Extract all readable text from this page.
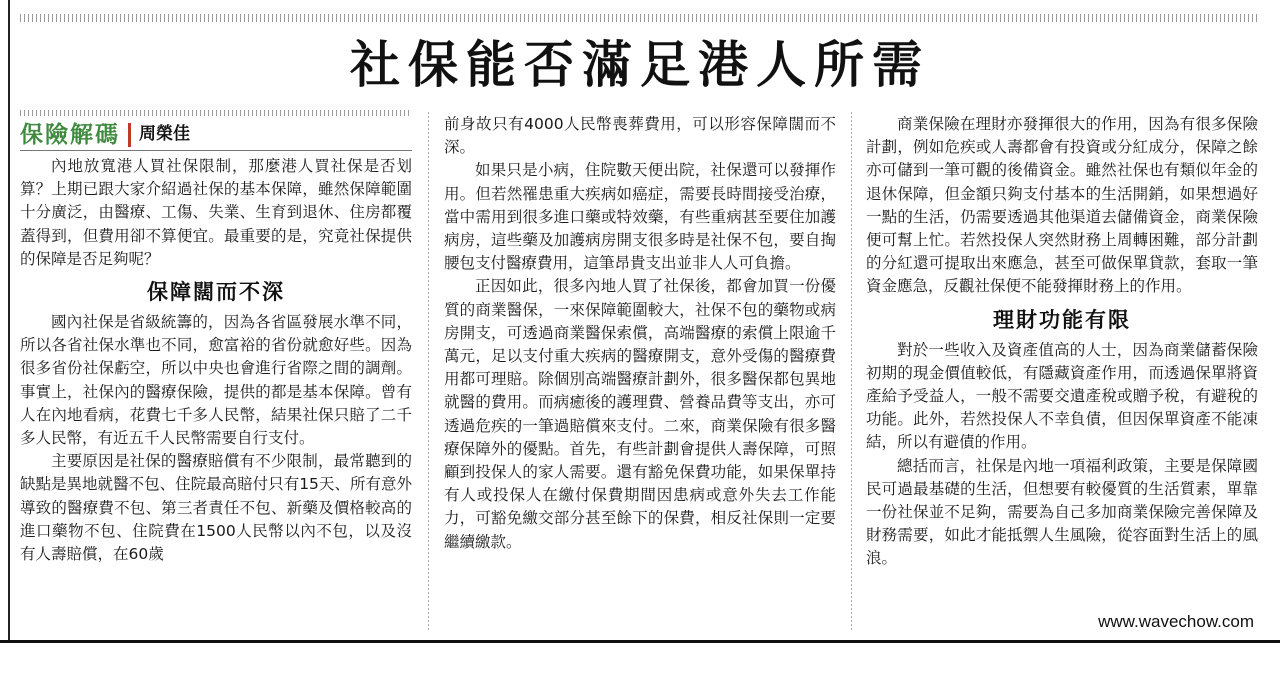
社保能否滿足港人所需
保險解碼 周榮佳

內地放寬港人買社保限制，那麼港人買社保是否划算？上期已跟大家介紹過社保的基本保障，雖然保障範圍十分廣泛，由醫療、工傷、失業、生育到退休、住房都覆蓋得到，但費用卻不算便宜。最重要的是，究竟社保提供的保障是否足夠呢？

保障闊而不深

國內社保是省級統籌的，因為各省區發展水準不同，所以各省社保水準也不同，愈富裕的省份就愈好些。因為很多省份社保虧空，所以中央也會進行省際之間的調劑。事實上，社保內的醫療保險，提供的都是基本保障。曾有人在內地看病，花費七千多人民幣，結果社保只賠了二千多人民幣，有近五千人民幣需要自行支付。

主要原因是社保的醫療賠償有不少限制，最常聽到的缺點是異地就醫不包、住院最高賠付只有15天、所有意外導致的醫療費不包、第三者責任不包、新藥及價格較高的進口藥物不包、住院費在1500人民幣以內不包，以及沒有人壽賠償，在60歲

前身故只有4000人民幣喪葬費用，可以形容保障闊而不深。

如果只是小病，住院數天便出院，社保還可以發揮作用。但若然罹患重大疾病如癌症，需要長時間接受治療，當中需用到很多進口藥或特效藥，有些重病甚至要住加護病房，這些藥及加護病房開支很多時是社保不包，要自掏腰包支付醫療費用，這筆昂貴支出並非人人可負擔。

正因如此，很多內地人買了社保後，都會加買一份優質的商業醫保，一來保障範圍較大，社保不包的藥物或病房開支，可透過商業醫保索償，高端醫療的索償上限逾千萬元，足以支付重大疾病的醫療開支，意外受傷的醫療費用都可理賠。除個別高端醫療計劃外，很多醫保都包異地就醫的費用。而病癒後的護理費、營養品費等支出，亦可透過危疾的一筆過賠償來支付。二來，商業保險有很多醫療保障外的優點。首先，有些計劃會提供人壽保障，可照顧到投保人的家人需要。還有豁免保費功能，如果保單持有人或投保人在繳付保費期間因患病或意外失去工作能力，可豁免繳交部分甚至餘下的保費，相反社保則一定要繼續繳款。

商業保險在理財亦發揮很大的作用，因為有很多保險計劃，例如危疾或人壽都會有投資或分紅成分，保障之餘亦可儲到一筆可觀的後備資金。雖然社保也有類似年金的退休保障，但金額只夠支付基本的生活開銷，如果想過好一點的生活，仍需要透過其他渠道去儲備資金，商業保險便可幫上忙。若然投保人突然財務上周轉困難，部分計劃的分紅還可提取出來應急，甚至可做保單貸款，套取一筆資金應急，反觀社保便不能發揮財務上的作用。

理財功能有限

對於一些收入及資產值高的人士，因為商業儲蓄保險初期的現金價值較低，有隱藏資產作用，而透過保單將資產給予受益人，一般不需要交遺產稅或贈予稅，有避稅的功能。此外，若然投保人不幸負債，但因保單資產不能凍結，所以有避債的作用。

總括而言，社保是內地一項福利政策，主要是保障國民可過最基礎的生活，但想要有較優質的生活質素，單靠一份社保並不足夠，需要為自己多加商業保險完善保障及財務需要，如此才能抵禦人生風險，從容面對生活上的風浪。

www.wavechow.com
